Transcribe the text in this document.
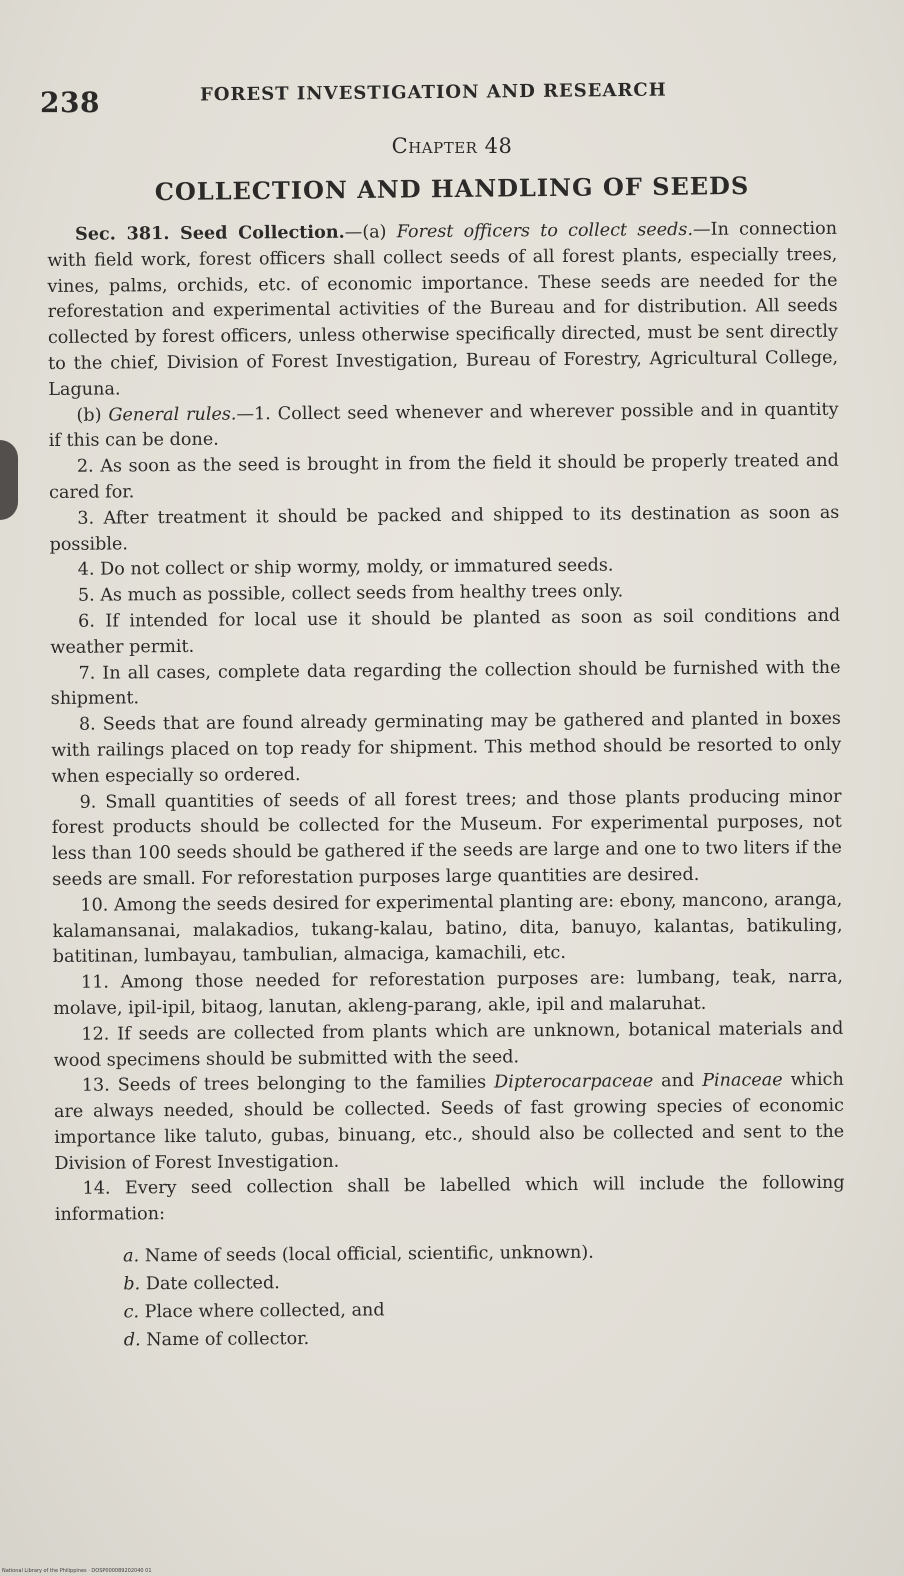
238	FOREST INVESTIGATION AND RESEARCH
Chapter 48
COLLECTION AND HANDLING OF SEEDS

Sec. 381. Seed Collection.—(a) Forest officers to collect seeds.—In connection with field work, forest officers shall collect seeds of all forest plants, especially trees, vines, palms, orchids, etc. of economic importance. These seeds are needed for the reforestation and experimental activities of the Bureau and for distribution. All seeds collected by forest officers, unless otherwise specifically directed, must be sent directly to the chief, Division of Forest Investigation, Bureau of Forestry, Agricultural College, Laguna.

(b) General rules.—1. Collect seed whenever and wherever possible and in quantity if this can be done.

2. As soon as the seed is brought in from the field it should be properly treated and cared for.

3. After treatment it should be packed and shipped to its destination as soon as possible.

4. Do not collect or ship wormy, moldy, or immatured seeds.

5. As much as possible, collect seeds from healthy trees only.

6. If intended for local use it should be planted as soon as soil conditions and weather permit.

7. In all cases, complete data regarding the collection should be furnished with the shipment.

8. Seeds that are found already germinating may be gathered and planted in boxes with railings placed on top ready for shipment. This method should be resorted to only when especially so ordered.

9. Small quantities of seeds of all forest trees; and those plants producing minor forest products should be collected for the Museum. For experimental purposes, not less than 100 seeds should be gathered if the seeds are large and one to two liters if the seeds are small. For reforestation purposes large quantities are desired.

10. Among the seeds desired for experimental planting are: ebony, mancono, aranga, kalamansanai, malakadios, tukang-kalau, batino, dita, banuyo, kalantas, batikuling, batitinan, lumbayau, tambulian, almaciga, kamachili, etc.

11. Among those needed for reforestation purposes are: lumbang, teak, narra, molave, ipil-ipil, bitaog, lanutan, akleng-parang, akle, ipil and malaruhat.

12. If seeds are collected from plants which are unknown, botanical materials and wood specimens should be submitted with the seed.

13. Seeds of trees belonging to the families Dipterocarpaceae and Pinaceae which are always needed, should be collected. Seeds of fast growing species of economic importance like taluto, gubas, binuang, etc., should also be collected and sent to the Division of Forest Investigation.

14. Every seed collection shall be labelled which will include the following information:

a. Name of seeds (local official, scientific, unknown).
b. Date collected.
c. Place where collected, and
d. Name of collector.
National Library of the Philippines · DOSP000089202040 01
